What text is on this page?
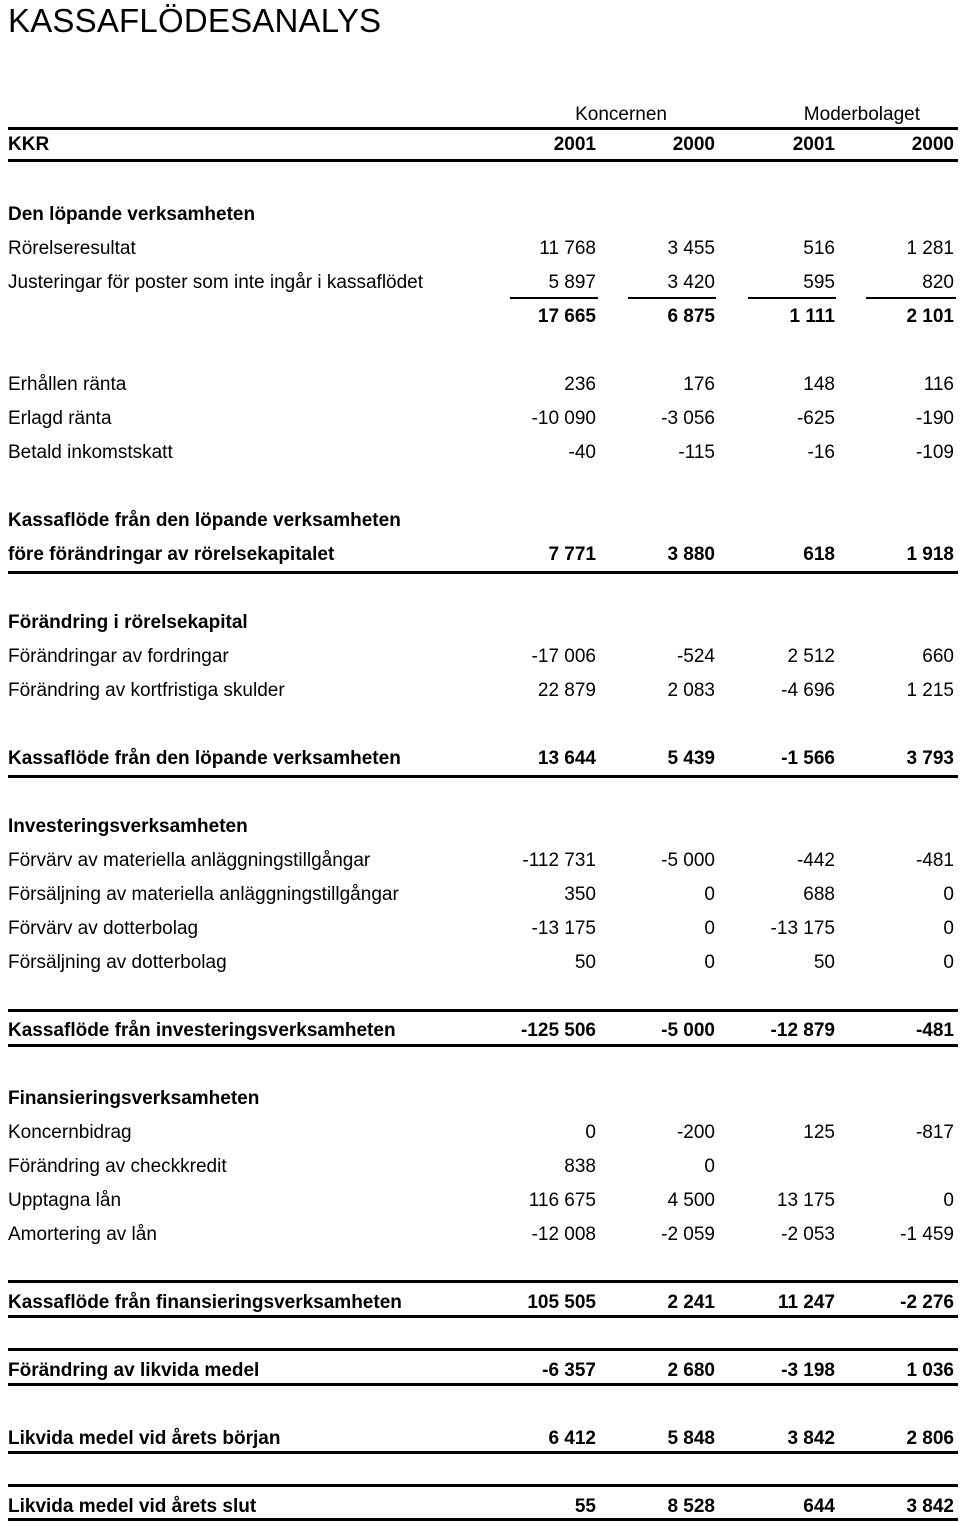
KASSAFLÖDESANALYS
Koncernen	Moderbolaget
KKR	2001	2000	2001	2000
Den löpande verksamheten
Rörelseresultat	11 768	3 455	516	1 281
Justeringar för poster som inte ingår i kassaflödet	5 897	3 420	595	820
17 665	6 875	1 111	2 101
Erhållen ränta	236	176	148	116
Erlagd ränta	-10 090	-3 056	-625	-190
Betald inkomstskatt	-40	-115	-16	-109
Kassaflöde från den löpande verksamheten
före förändringar av rörelsekapitalet	7 771	3 880	618	1 918
Förändring i rörelsekapital
Förändringar av fordringar	-17 006	-524	2 512	660
Förändring av kortfristiga skulder	22 879	2 083	-4 696	1 215
Kassaflöde från den löpande verksamheten	13 644	5 439	-1 566	3 793
Investeringsverksamheten
Förvärv av materiella anläggningstillgångar	-112 731	-5 000	-442	-481
Försäljning av materiella anläggningstillgångar	350	0	688	0
Förvärv av dotterbolag	-13 175	0	-13 175	0
Försäljning av dotterbolag	50	0	50	0
Kassaflöde från investeringsverksamheten	-125 506	-5 000	-12 879	-481
Finansieringsverksamheten
Koncernbidrag	0	-200	125	-817
Förändring av checkkredit	838	0
Upptagna lån	116 675	4 500	13 175	0
Amortering av lån	-12 008	-2 059	-2 053	-1 459
Kassaflöde från finansieringsverksamheten	105 505	2 241	11 247	-2 276
Förändring av likvida medel	-6 357	2 680	-3 198	1 036
Likvida medel vid årets början	6 412	5 848	3 842	2 806
Likvida medel vid årets slut	55	8 528	644	3 842
